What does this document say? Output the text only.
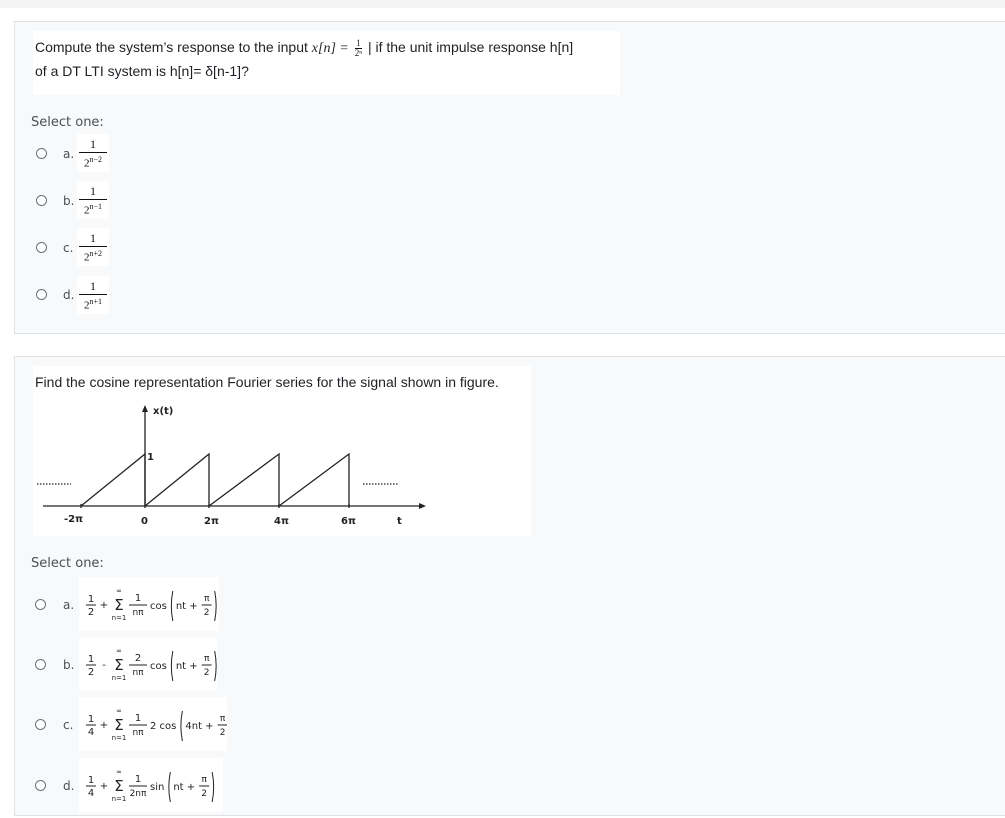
Compute the system’s response to the input $x[n] = \frac{1}{\text{2ⁿ}}$ | if the unit impulse response h[n]
of a DT LTI system is h[n]= δ[n-1]?
Select one:
a.
1
$2^{n-2}$
b.
1
$2^{n-1}$
c.
1
$2^{n+2}$
d.
1
$2^{n+1}$
Find the cosine representation Fourier series for the signal shown in figure.
x(t)
1
-2π	0	2π	4π	6π	t
Select one:
a. 1
2
+
∞
Σ
n=1
1
nπ
cos nt +
π
2
b. 1
2
-
∞
Σ
n=1
2
nπ
cos nt +
π
2
c. 1
4
+
∞
Σ
n=1
1
nπ
2 cos 4nt +
π
2
d. 1
4
+
∞
Σ
n=1
1
2nπ
sin nt +
π
2
